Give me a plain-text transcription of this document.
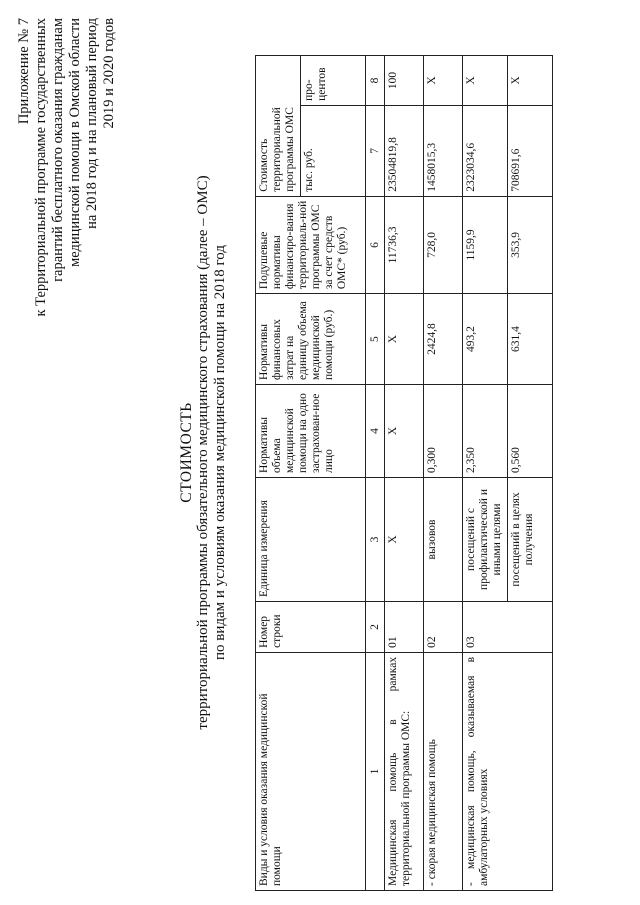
Приложение № 7 к Территориальной программе государственных гарантий бесплатного оказания гражданам медицинской помощи в Омской области на 2018 год и на плановый период 2019 и 2020 годов
СТОИМОСТЬ территориальной программы обязательного медицинского страхования (далее – ОМС) по видам и условиям оказания медицинской помощи на 2018 год
Виды и условия оказания медицинской помощи	Номер строки	Единица измерения	Нормативы объема медицинской помощи на одно застрахован-ное лицо	Нормативы финансовых затрат на единицу объема медицинской помощи (руб.)	Подушевые нормативы финансиро-вания территориаль-ной программы ОМС за счет средств ОМС* (руб.)	Стоимость территориальной программы ОМС	
						тыс. руб.	про-центов
1	2	3	4	5	6	7	8
Медицинская помощь в рамках территориальной программы ОМС:	01	Х	Х	Х	11736,3	23504819,8	100
- скорая медицинская помощь	02	вызовов	0,300	2424,8	728,0	1458015,3	Х
- медицинская помощь, оказываемая в амбулаторных условиях	03	посещений с профилактической и иными целями	2,350	493,2	1159,9	2323034,6	Х
		посещений в целях получения	0,560	631,4	353,9	708691,6	Х
